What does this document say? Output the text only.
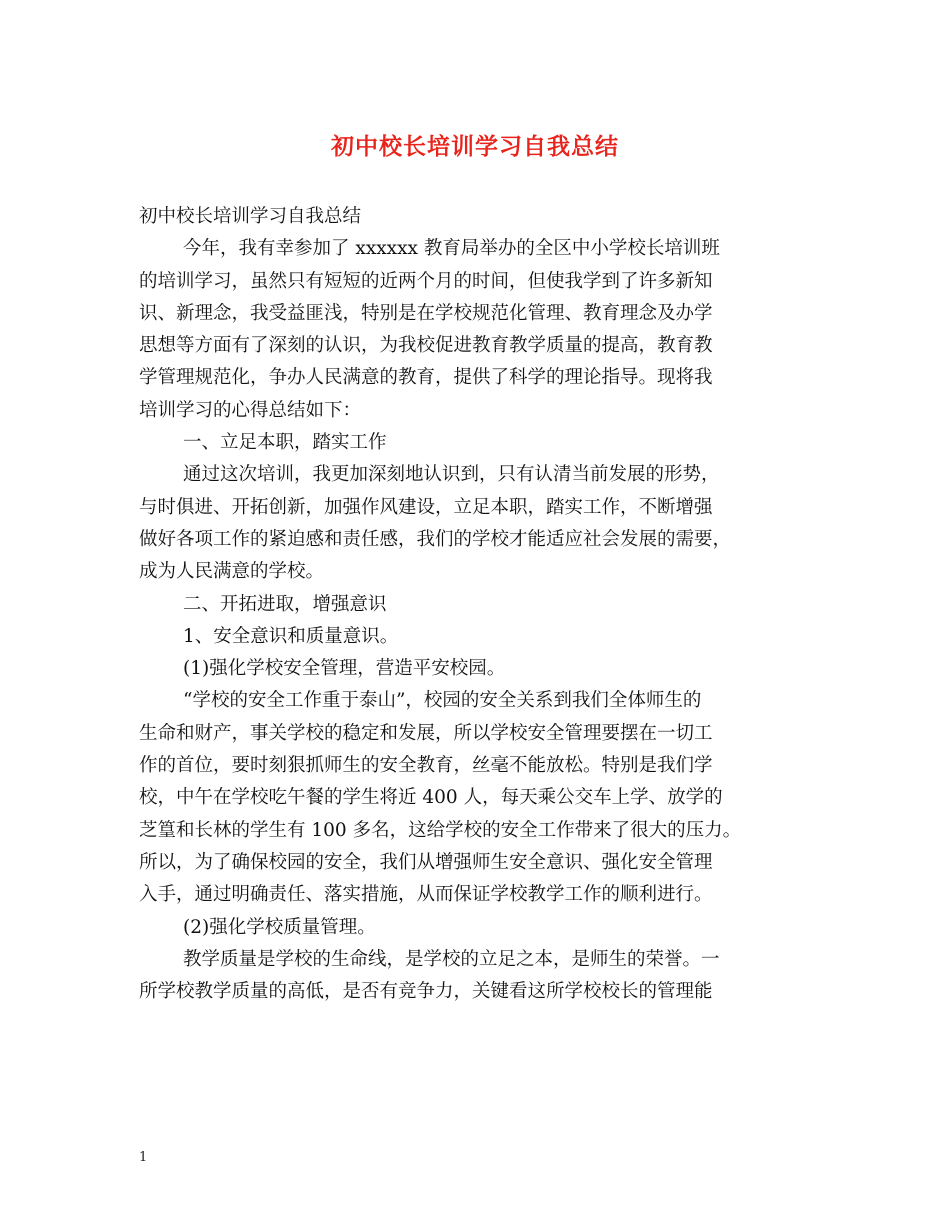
初中校长培训学习自我总结
初中校长培训学习自我总结
今年，我有幸参加了 xxxxxx 教育局举办的全区中小学校长培训班
的培训学习，虽然只有短短的近两个月的时间，但使我学到了许多新知
识、新理念，我受益匪浅，特别是在学校规范化管理、教育理念及办学
思想等方面有了深刻的认识，为我校促进教育教学质量的提高，教育教
学管理规范化，争办人民满意的教育，提供了科学的理论指导。现将我
培训学习的心得总结如下：
一、立足本职，踏实工作
通过这次培训，我更加深刻地认识到，只有认清当前发展的形势，
与时俱进、开拓创新，加强作风建设，立足本职，踏实工作，不断增强
做好各项工作的紧迫感和责任感，我们的学校才能适应社会发展的需要，
成为人民满意的学校。
二、开拓进取，增强意识
1、安全意识和质量意识。
(1)强化学校安全管理，营造平安校园。
“学校的安全工作重于泰山”，校园的安全关系到我们全体师生的
生命和财产，事关学校的稳定和发展，所以学校安全管理要摆在一切工
作的首位，要时刻狠抓师生的安全教育，丝毫不能放松。特别是我们学
校，中午在学校吃午餐的学生将近 400 人，每天乘公交车上学、放学的
芝篁和长林的学生有 100 多名，这给学校的安全工作带来了很大的压力。
所以，为了确保校园的安全，我们从增强师生安全意识、强化安全管理
入手，通过明确责任、落实措施，从而保证学校教学工作的顺利进行。
(2)强化学校质量管理。
教学质量是学校的生命线，是学校的立足之本，是师生的荣誉。一
所学校教学质量的高低，是否有竞争力，关键看这所学校校长的管理能
1
